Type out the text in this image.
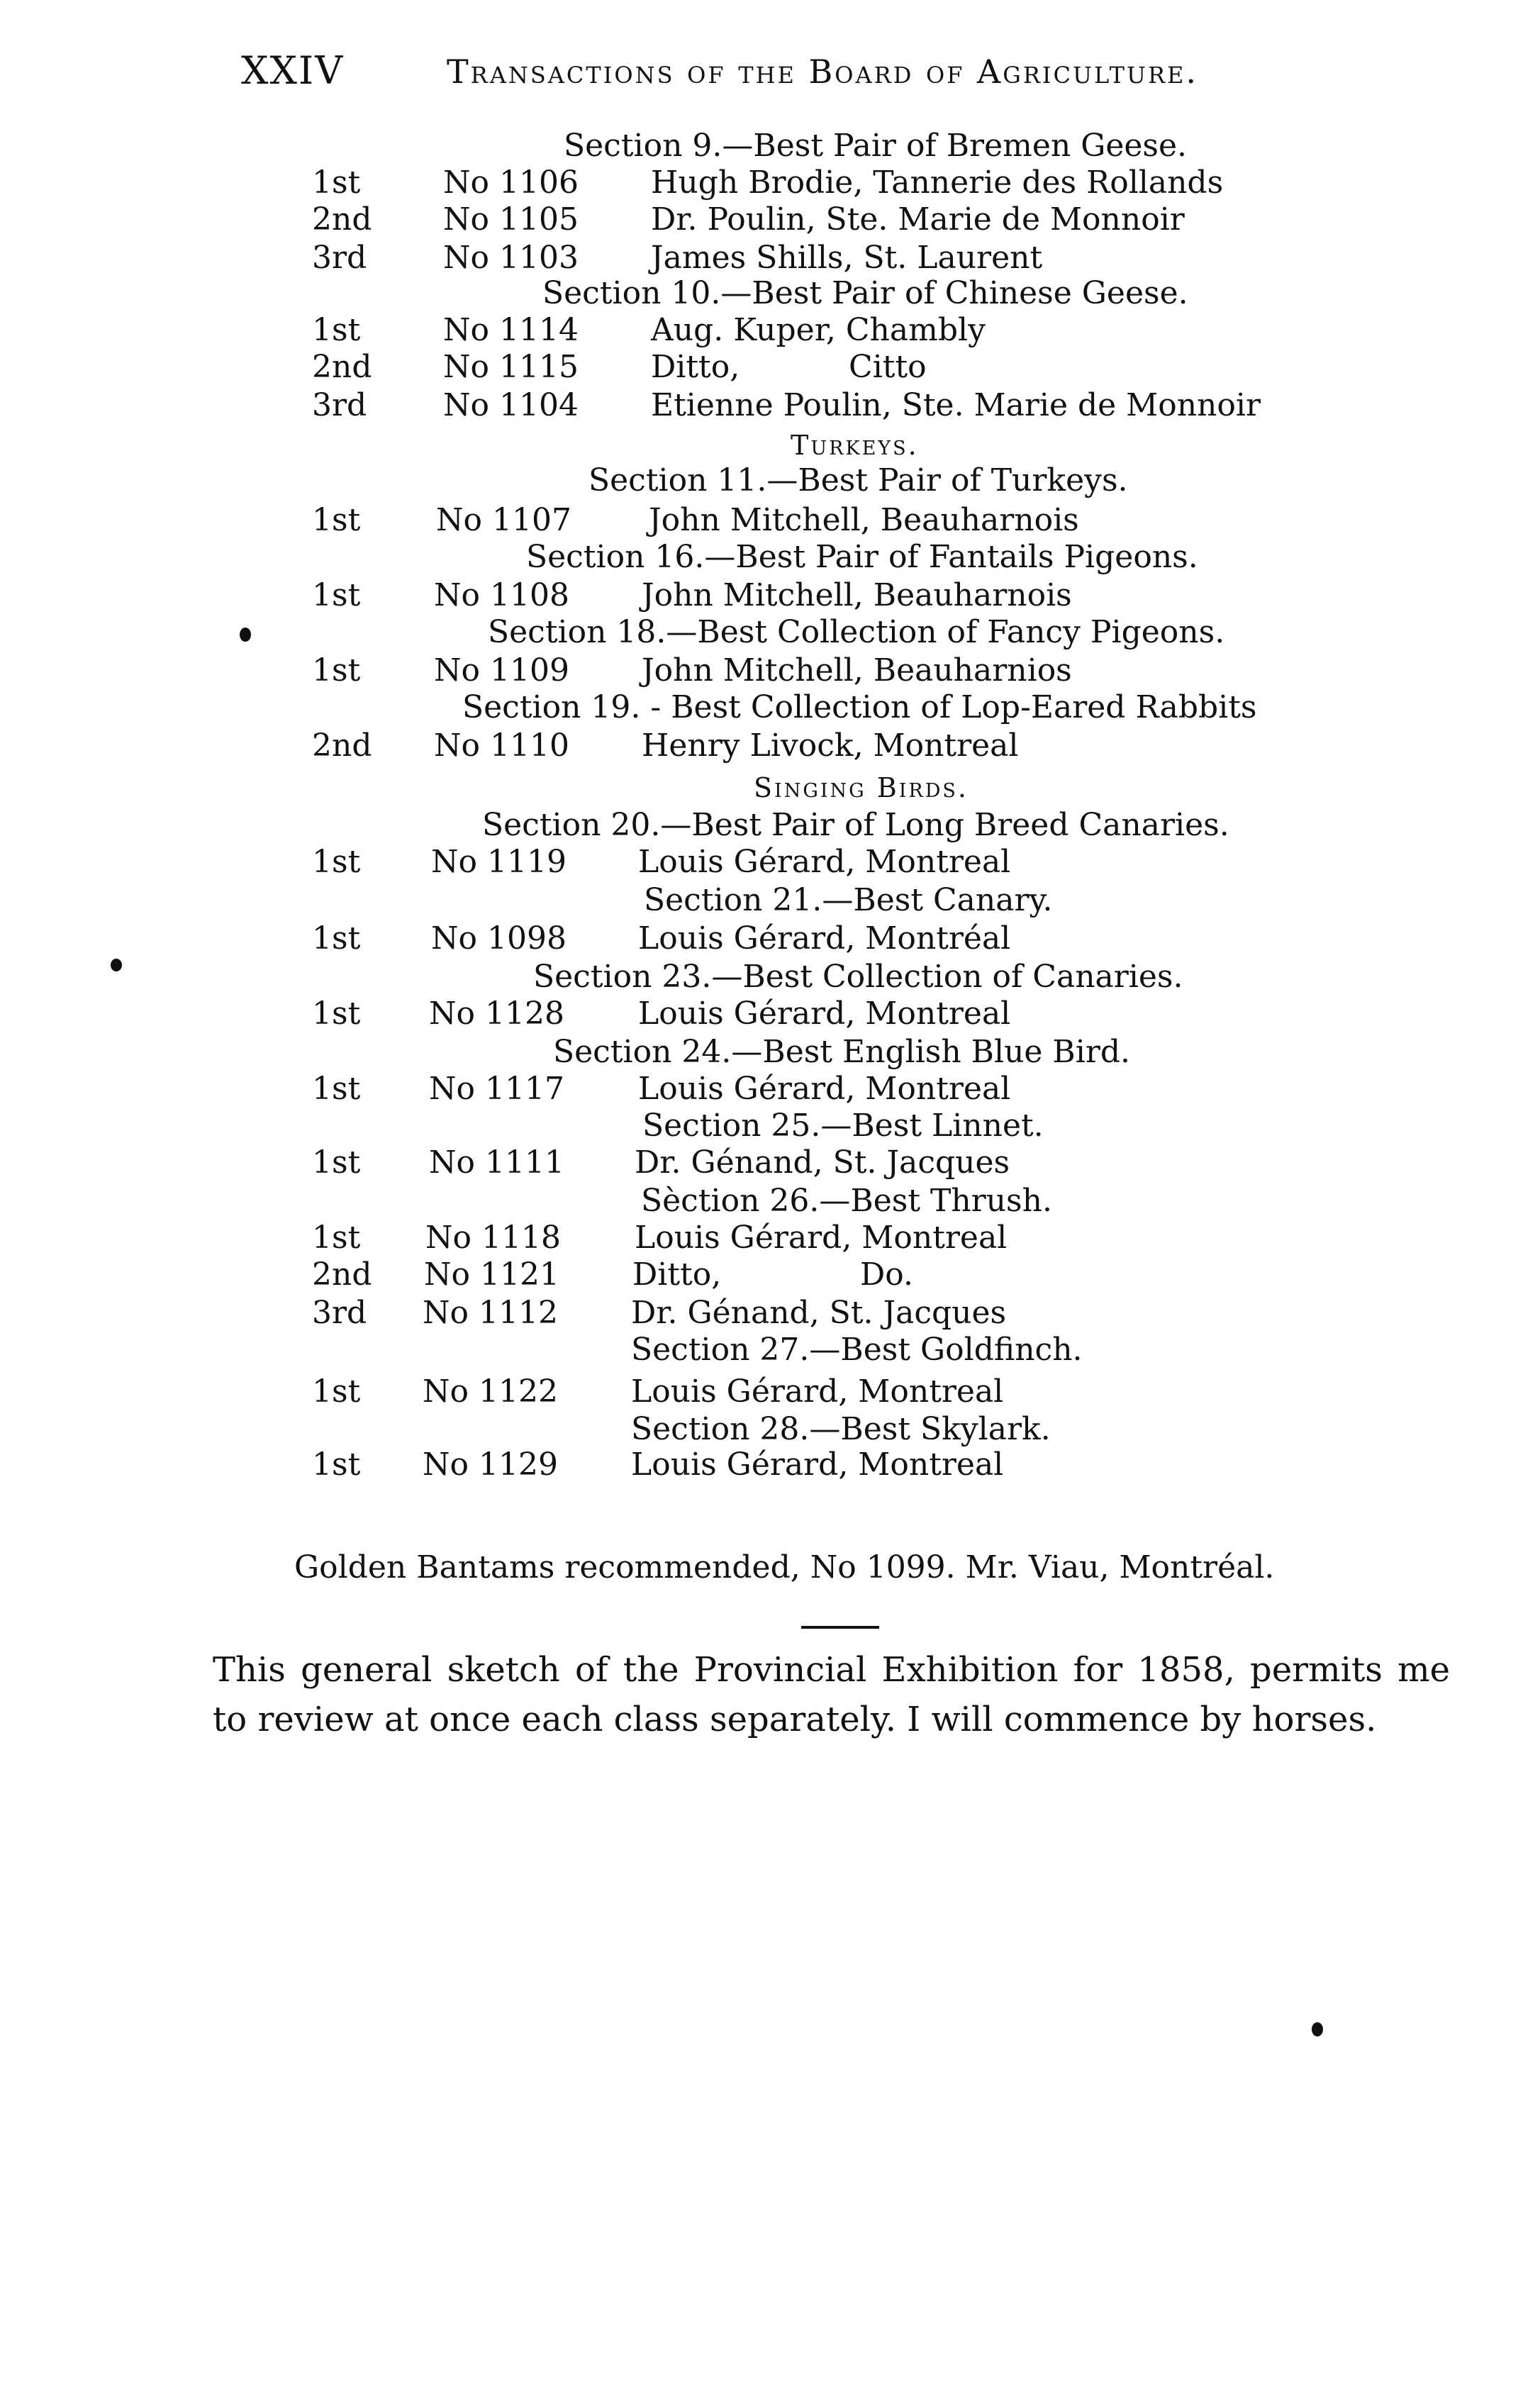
XXIV	Transactions of the Board of Agriculture.
Section 9.—Best Pair of Bremen Geese.
1st	No 1106 Hugh Brodie, Tannerie des Rollands
2nd No 1105 Dr. Poulin, Ste. Marie de Monnoir
3rd No 1103 James Shills, St. Laurent
Section 10.—Best Pair of Chinese Geese.
1st	No 1114 Aug. Kuper, Chambly
2nd No 1115 Ditto,           Citto
3rd No 1104 Etienne Poulin, Ste. Marie de Monnoir
Turkeys.
Section 11.—Best Pair of Turkeys.
1st No 1107 John Mitchell, Beauharnois
Section 16.—Best Pair of Fantails Pigeons.
1st No 1108 John Mitchell, Beauharnois
Section 18.—Best Collection of Fancy Pigeons.
1st No 1109 John Mitchell, Beauharnios
Section 19. - Best Collection of Lop-Eared Rabbits
2nd No 1110 Henry Livock, Montreal
Singing Birds.
Section 20.—Best Pair of Long Breed Canaries.
1st No 1119 Louis Gérard, Montreal
Section 21.—Best Canary.
1st No 1098 Louis Gérard, Montréal
Section 23.—Best Collection of Canaries.
1st No 1128 Louis Gérard, Montreal
Section 24.—Best English Blue Bird.
1st No 1117 Louis Gérard, Montreal
Section 25.—Best Linnet.
1st No 1111 Dr. Génand, St. Jacques
Sèction 26.—Best Thrush.
1st No 1118 Louis Gérard, Montreal
2nd No 1121 Ditto,              Do.
3rd No 1112 Dr. Génand, St. Jacques
Section 27.—Best Goldfinch.
1st No 1122 Louis Gérard, Montreal
Section 28.—Best Skylark.
1st No 1129 Louis Gérard, Montreal
Golden Bantams recommended, No 1099. Mr. Viau, Montréal.
This general sketch of the Provincial Exhibition for 1858, permits me to review at once each class separately. I will commence by horses.
